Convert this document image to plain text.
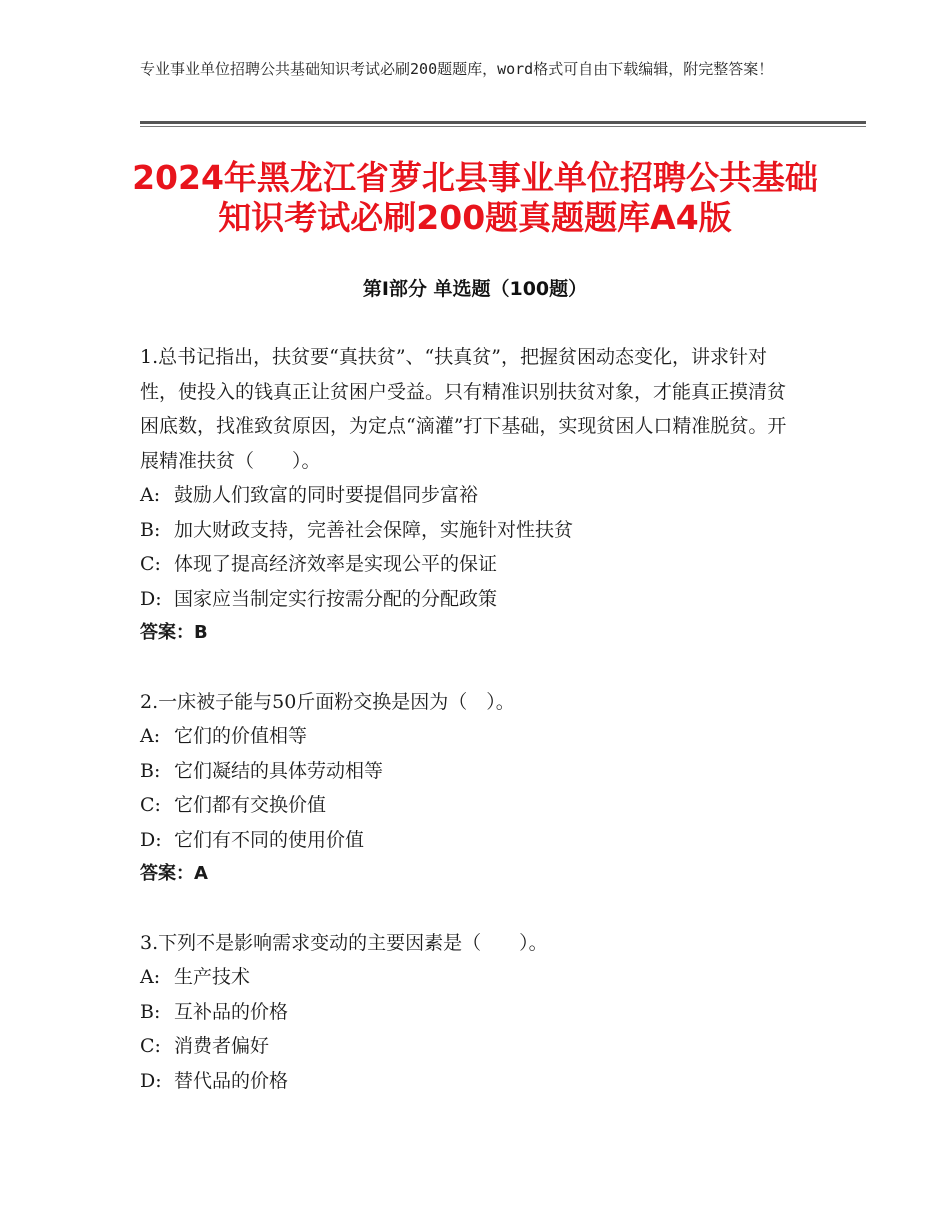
专业事业单位招聘公共基础知识考试必刷200题题库，word格式可自由下载编辑，附完整答案！
2024年黑龙江省萝北县事业单位招聘公共基础知识考试必刷200题真题题库A4版
第Ⅰ部分 单选题（100题）

1.总书记指出，扶贫要“真扶贫”、“扶真贫”，把握贫困动态变化，讲求针对性，使投入的钱真正让贫困户受益。只有精准识别扶贫对象，才能真正摸清贫困底数，找准致贫原因，为定点“滴灌”打下基础，实现贫困人口精准脱贫。开展精准扶贫（　　）。

A: 鼓励人们致富的同时要提倡同步富裕
B: 加大财政支持，完善社会保障，实施针对性扶贫
C: 体现了提高经济效率是实现公平的保证
D: 国家应当制定实行按需分配的分配政策

答案：B

2.一床被子能与50斤面粉交换是因为（　）。

A: 它们的价值相等
B: 它们凝结的具体劳动相等
C: 它们都有交换价值
D: 它们有不同的使用价值

答案：A

3.下列不是影响需求变动的主要因素是（　　）。

A: 生产技术
B: 互补品的价格
C: 消费者偏好
D: 替代品的价格
